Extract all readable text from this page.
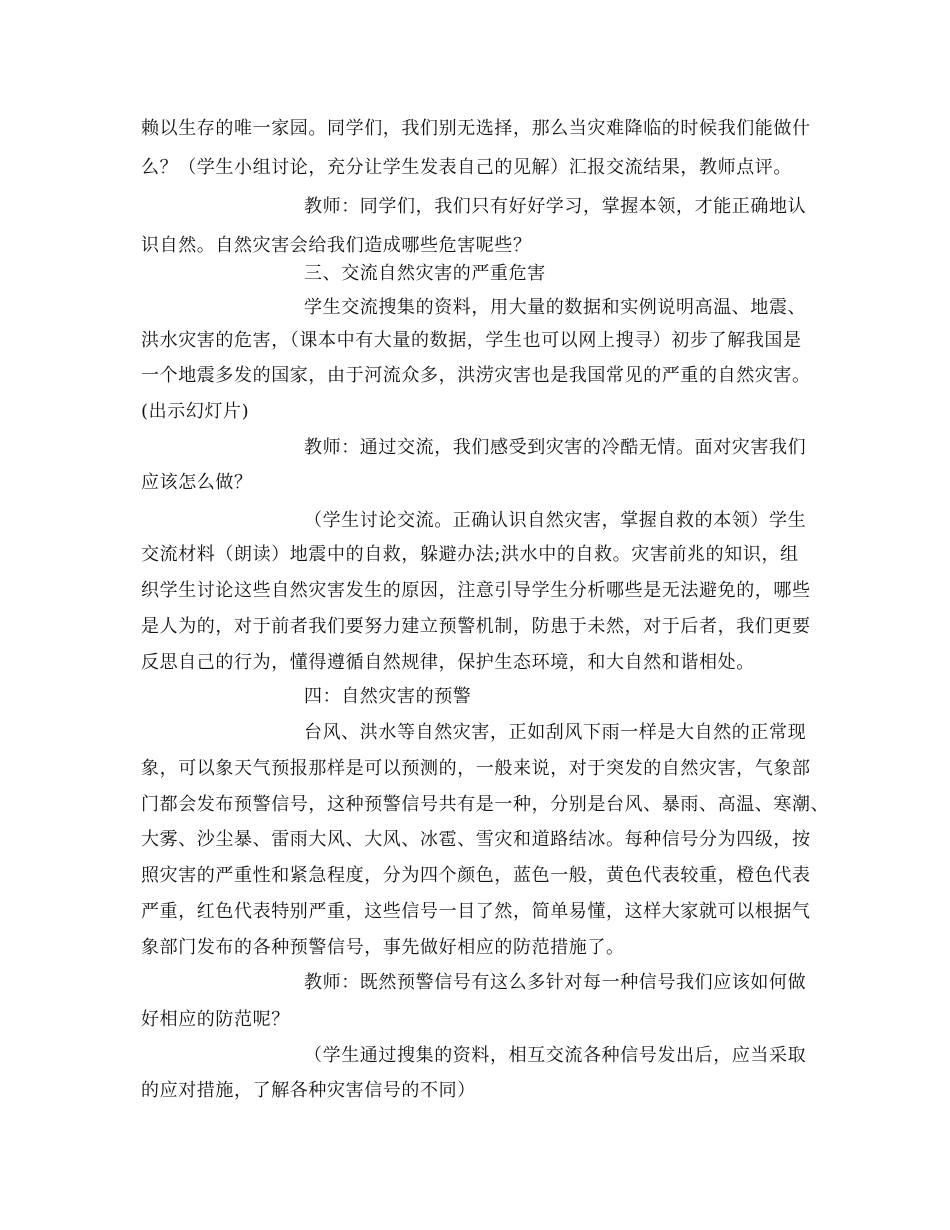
赖以生存的唯一家园。同学们，我们别无选择，那么当灾难降临的时候我们能做什
么？（学生小组讨论，充分让学生发表自己的见解）汇报交流结果，教师点评。
教师：同学们，我们只有好好学习，掌握本领，才能正确地认
识自然。自然灾害会给我们造成哪些危害呢些？
三、交流自然灾害的严重危害
学生交流搜集的资料，用大量的数据和实例说明高温、地震、
洪水灾害的危害，（课本中有大量的数据，学生也可以网上搜寻）初步了解我国是
一个地震多发的国家，由于河流众多，洪涝灾害也是我国常见的严重的自然灾害。
(出示幻灯片)
教师：通过交流，我们感受到灾害的冷酷无情。面对灾害我们
应该怎么做？
（学生讨论交流。正确认识自然灾害，掌握自救的本领）学生
交流材料（朗读）地震中的自救，躲避办法;洪水中的自救。灾害前兆的知识，组
织学生讨论这些自然灾害发生的原因，注意引导学生分析哪些是无法避免的，哪些
是人为的，对于前者我们要努力建立预警机制，防患于未然，对于后者，我们更要
反思自己的行为，懂得遵循自然规律，保护生态环境，和大自然和谐相处。
四：自然灾害的预警
台风、洪水等自然灾害，正如刮风下雨一样是大自然的正常现
象，可以象天气预报那样是可以预测的，一般来说，对于突发的自然灾害，气象部
门都会发布预警信号，这种预警信号共有是一种，分别是台风、暴雨、高温、寒潮、
大雾、沙尘暴、雷雨大风、大风、冰雹、雪灾和道路结冰。每种信号分为四级，按
照灾害的严重性和紧急程度，分为四个颜色，蓝色一般，黄色代表较重，橙色代表
严重，红色代表特别严重，这些信号一目了然，简单易懂，这样大家就可以根据气
象部门发布的各种预警信号，事先做好相应的防范措施了。
教师：既然预警信号有这么多针对每一种信号我们应该如何做
好相应的防范呢？
（学生通过搜集的资料，相互交流各种信号发出后，应当采取
的应对措施，了解各种灾害信号的不同）
